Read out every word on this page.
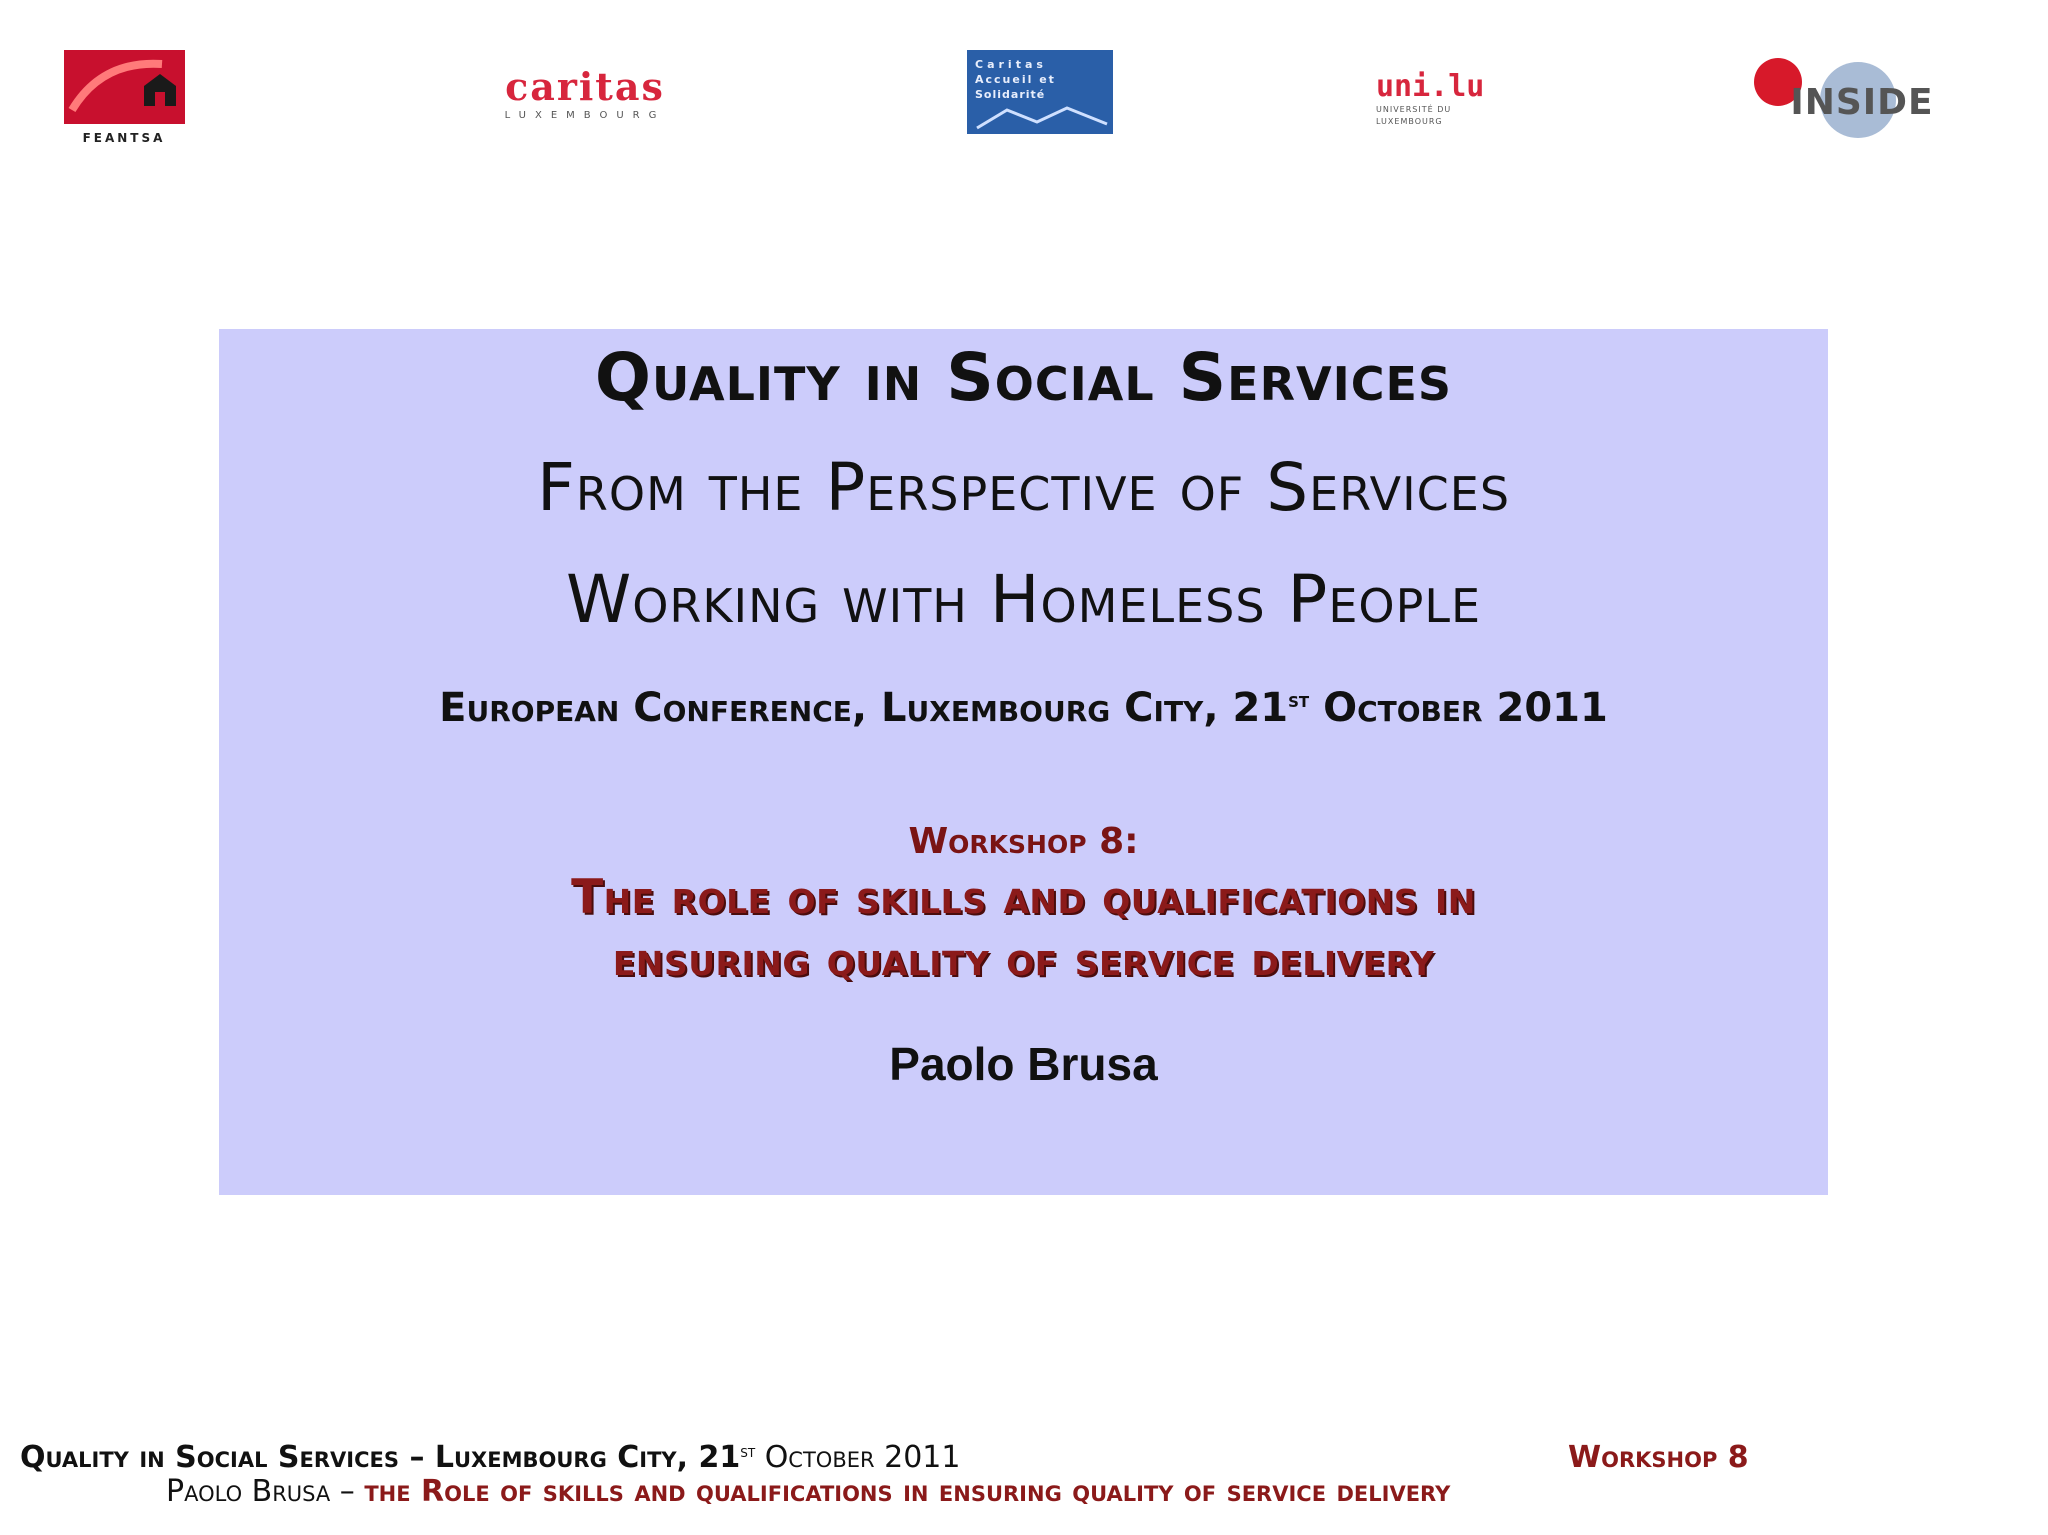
FEANTSA
caritas
LUXEMBOURG
Caritas
Accueil et
Solidarité	uni.lu
UNIVERSITÉ DU
LUXEMBOURG	INSIDE
Quality in Social Services
From the Perspective of Services
Working with Homeless People
European Conference, Luxembourg City, 21st October 2011
Workshop 8:
The role of skills and qualifications in
ensuring quality of service delivery
Paolo Brusa
Quality in Social Services – Luxembourg City, 21st October 2011	Workshop 8
Paolo Brusa – the Role of skills and qualifications in ensuring quality of service delivery
